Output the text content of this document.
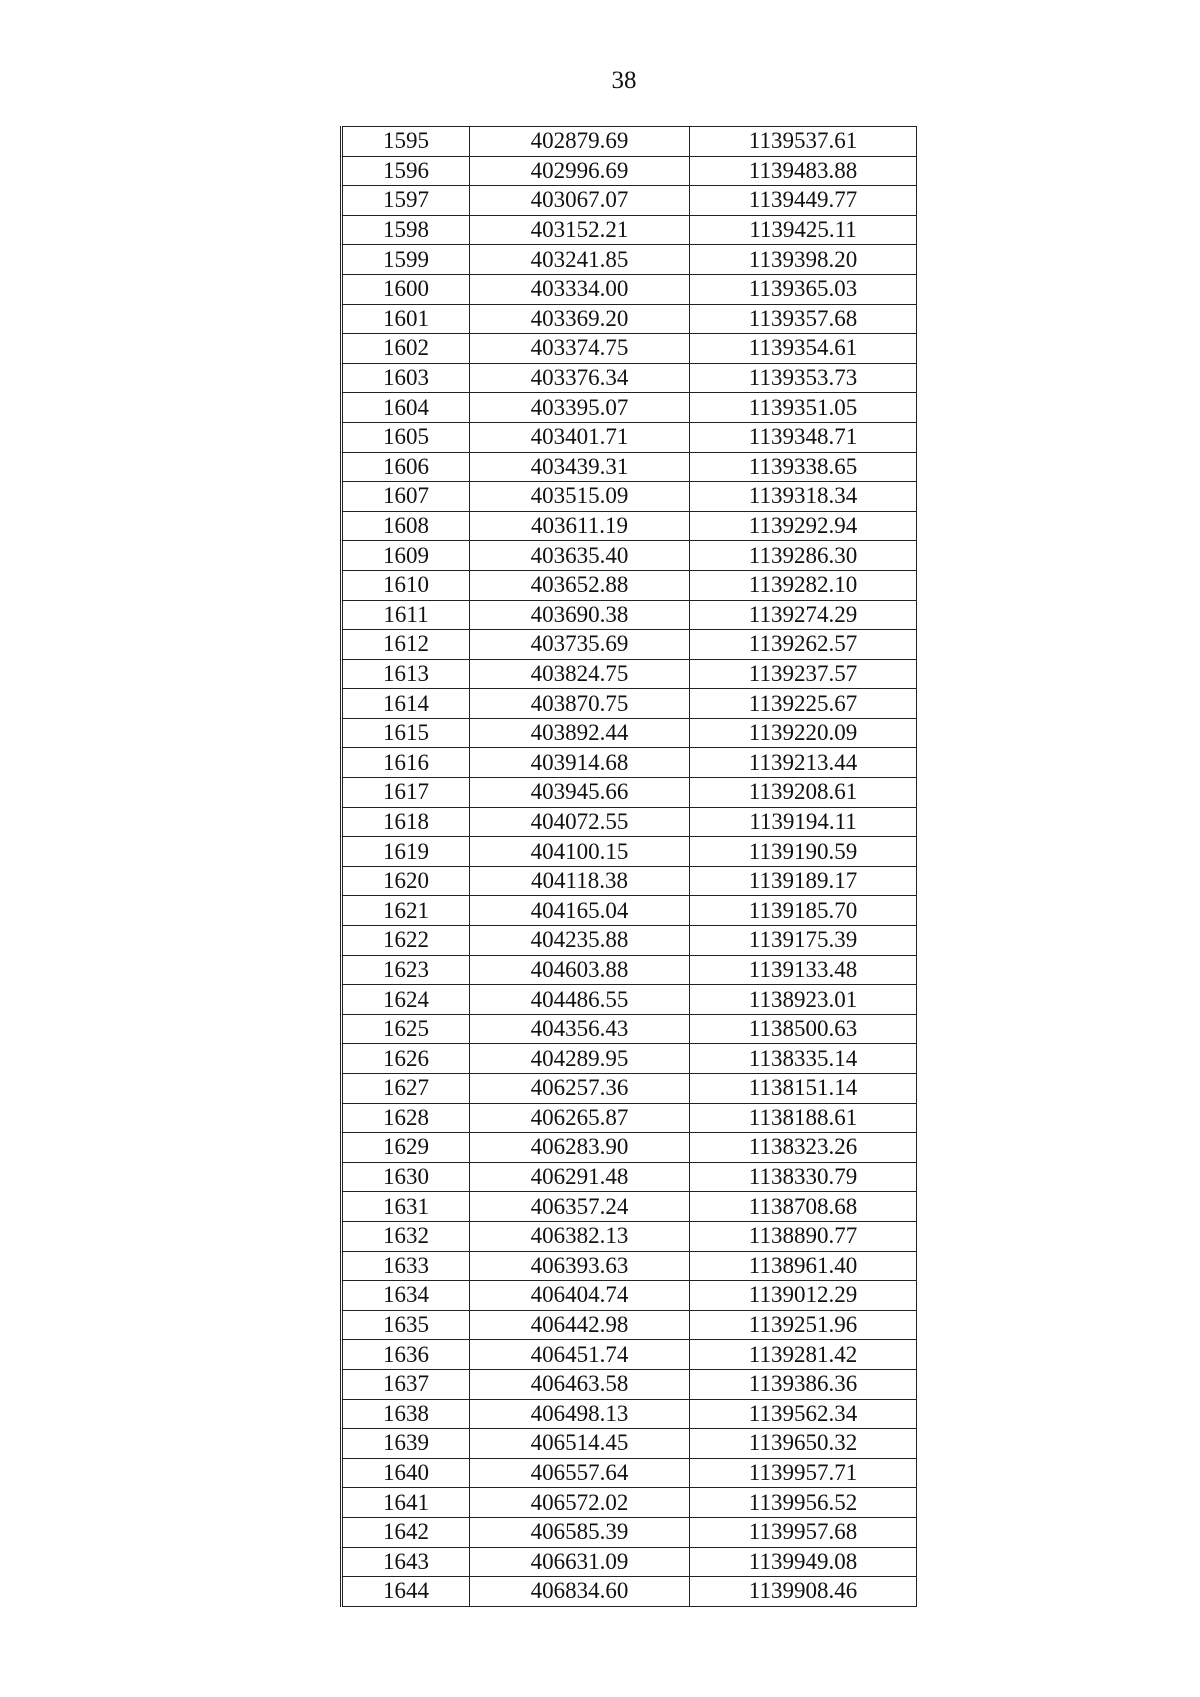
38
1595	402879.69	1139537.61
1596	402996.69	1139483.88
1597	403067.07	1139449.77
1598	403152.21	1139425.11
1599	403241.85	1139398.20
1600	403334.00	1139365.03
1601	403369.20	1139357.68
1602	403374.75	1139354.61
1603	403376.34	1139353.73
1604	403395.07	1139351.05
1605	403401.71	1139348.71
1606	403439.31	1139338.65
1607	403515.09	1139318.34
1608	403611.19	1139292.94
1609	403635.40	1139286.30
1610	403652.88	1139282.10
1611	403690.38	1139274.29
1612	403735.69	1139262.57
1613	403824.75	1139237.57
1614	403870.75	1139225.67
1615	403892.44	1139220.09
1616	403914.68	1139213.44
1617	403945.66	1139208.61
1618	404072.55	1139194.11
1619	404100.15	1139190.59
1620	404118.38	1139189.17
1621	404165.04	1139185.70
1622	404235.88	1139175.39
1623	404603.88	1139133.48
1624	404486.55	1138923.01
1625	404356.43	1138500.63
1626	404289.95	1138335.14
1627	406257.36	1138151.14
1628	406265.87	1138188.61
1629	406283.90	1138323.26
1630	406291.48	1138330.79
1631	406357.24	1138708.68
1632	406382.13	1138890.77
1633	406393.63	1138961.40
1634	406404.74	1139012.29
1635	406442.98	1139251.96
1636	406451.74	1139281.42
1637	406463.58	1139386.36
1638	406498.13	1139562.34
1639	406514.45	1139650.32
1640	406557.64	1139957.71
1641	406572.02	1139956.52
1642	406585.39	1139957.68
1643	406631.09	1139949.08
1644	406834.60	1139908.46
